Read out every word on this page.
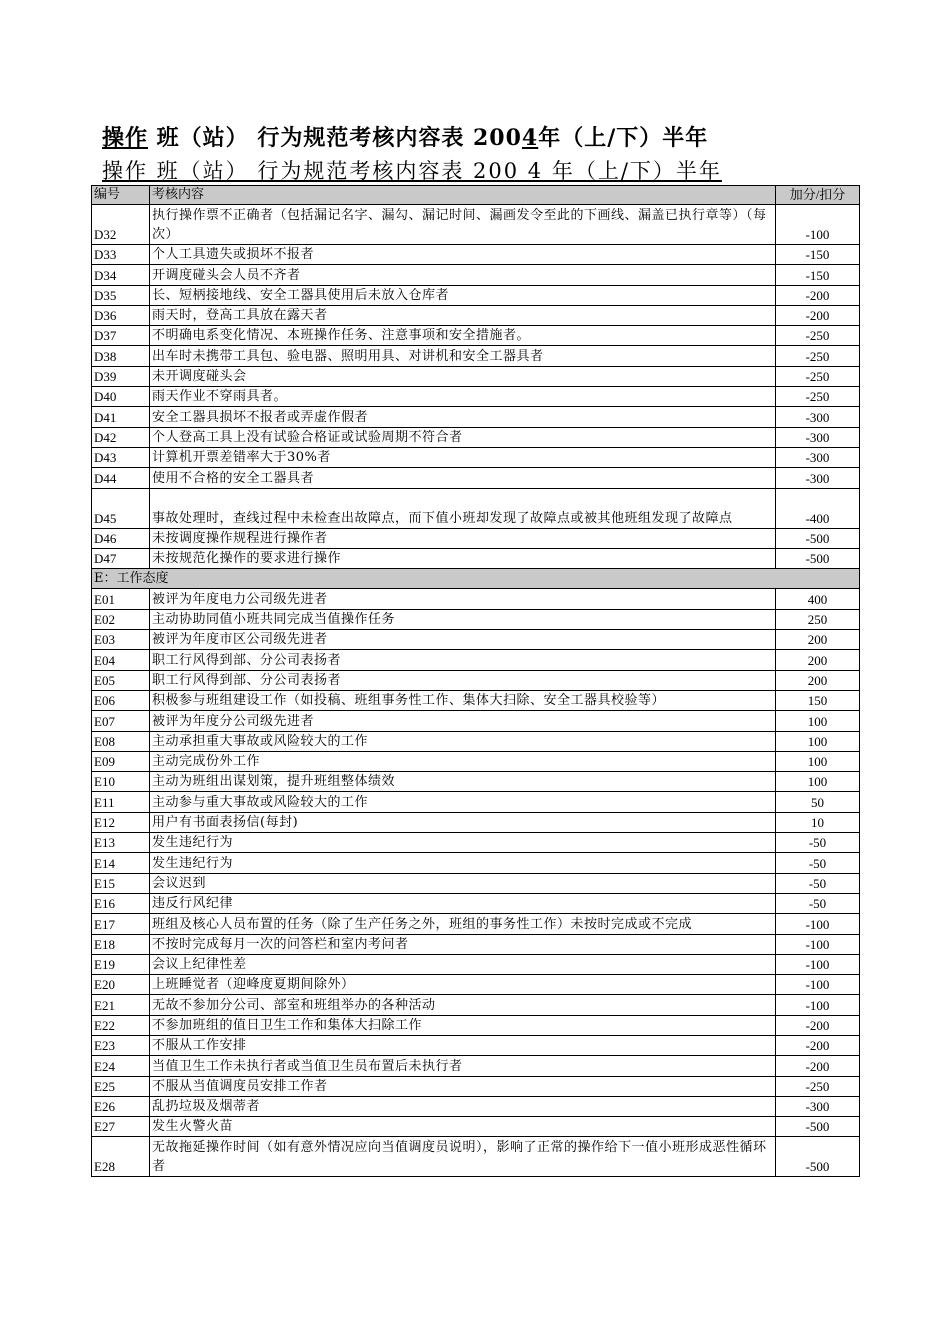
操作 班（站） 行为规范考核内容表 2004年（上/下）半年
操作 班（站） 行为规范考核内容表 200 4 年（上/下）半年
编号	考核内容	加分/扣分
D32	执行操作票不正确者（包括漏记名字、漏勾、漏记时间、漏画发令至此的下画线、漏盖已执行章等）（每次）	-100
D33	个人工具遗失或损坏不报者	-150
D34	开调度碰头会人员不齐者	-150
D35	长、短柄接地线、安全工器具使用后未放入仓库者	-200
D36	雨天时，登高工具放在露天者	-200
D37	不明确电系变化情况、本班操作任务、注意事项和安全措施者。	-250
D38	出车时未携带工具包、验电器、照明用具、对讲机和安全工器具者	-250
D39	未开调度碰头会	-250
D40	雨天作业不穿雨具者。	-250
D41	安全工器具损坏不报者或弄虚作假者	-300
D42	个人登高工具上没有试验合格证或试验周期不符合者	-300
D43	计算机开票差错率大于30%者	-300
D44	使用不合格的安全工器具者	-300
D45	事故处理时，查线过程中未检查出故障点，而下值小班却发现了故障点或被其他班组发现了故障点	-400
D46	未按调度操作规程进行操作者	-500
D47	未按规范化操作的要求进行操作	-500
E：工作态度		
E01	被评为年度电力公司级先进者	400
E02	主动协助同值小班共同完成当值操作任务	250
E03	被评为年度市区公司级先进者	200
E04	职工行风得到部、分公司表扬者	200
E05	职工行风得到部、分公司表扬者	200
E06	积极参与班组建设工作（如投稿、班组事务性工作、集体大扫除、安全工器具校验等）	150
E07	被评为年度分公司级先进者	100
E08	主动承担重大事故或风险较大的工作	100
E09	主动完成份外工作	100
E10	主动为班组出谋划策，提升班组整体绩效	100
E11	主动参与重大事故或风险较大的工作	50
E12	用户有书面表扬信(每封)	10
E13	发生违纪行为	-50
E14	发生违纪行为	-50
E15	会议迟到	-50
E16	违反行风纪律	-50
E17	班组及核心人员布置的任务（除了生产任务之外，班组的事务性工作）未按时完成或不完成	-100
E18	不按时完成每月一次的问答栏和室内考问者	-100
E19	会议上纪律性差	-100
E20	上班睡觉者（迎峰度夏期间除外）	-100
E21	无故不参加分公司、部室和班组举办的各种活动	-100
E22	不参加班组的值日卫生工作和集体大扫除工作	-200
E23	不服从工作安排	-200
E24	当值卫生工作未执行者或当值卫生员布置后未执行者	-200
E25	不服从当值调度员安排工作者	-250
E26	乱扔垃圾及烟蒂者	-300
E27	发生火警火苗	-500
E28	无故拖延操作时间（如有意外情况应向当值调度员说明），影响了正常的操作给下一值小班形成恶性循环者	-500
